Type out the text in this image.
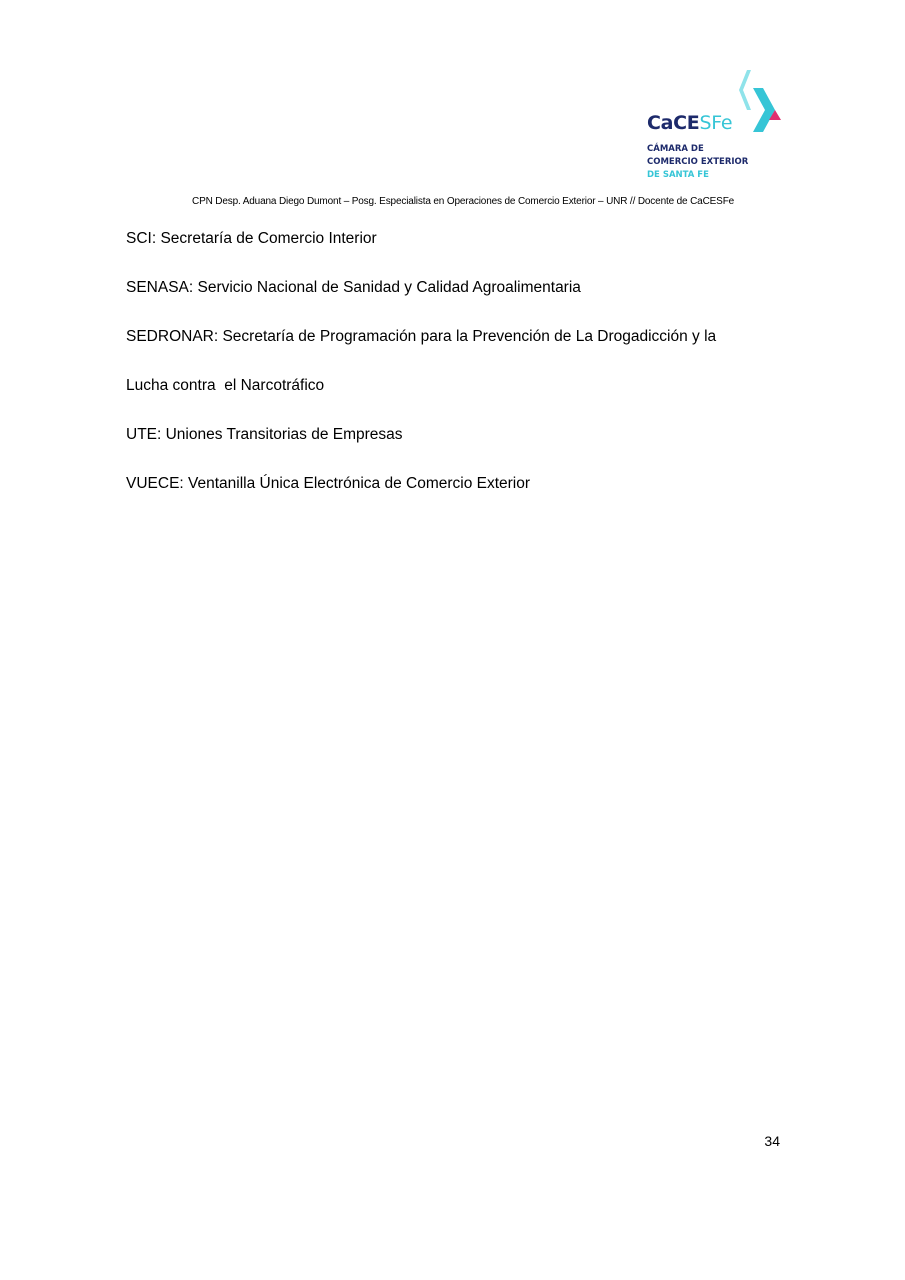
CaCESFe
CÁMARA DE
COMERCIO EXTERIOR
DE SANTA FE
CPN Desp. Aduana Diego Dumont – Posg. Especialista en Operaciones de Comercio Exterior – UNR // Docente de CaCESFe
SCI: Secretaría de Comercio Interior
SENASA: Servicio Nacional de Sanidad y Calidad Agroalimentaria
SEDRONAR: Secretaría de Programación para la Prevención de La Drogadicción y la
Lucha contra  el Narcotráfico
UTE: Uniones Transitorias de Empresas
VUECE: Ventanilla Única Electrónica de Comercio Exterior
34
